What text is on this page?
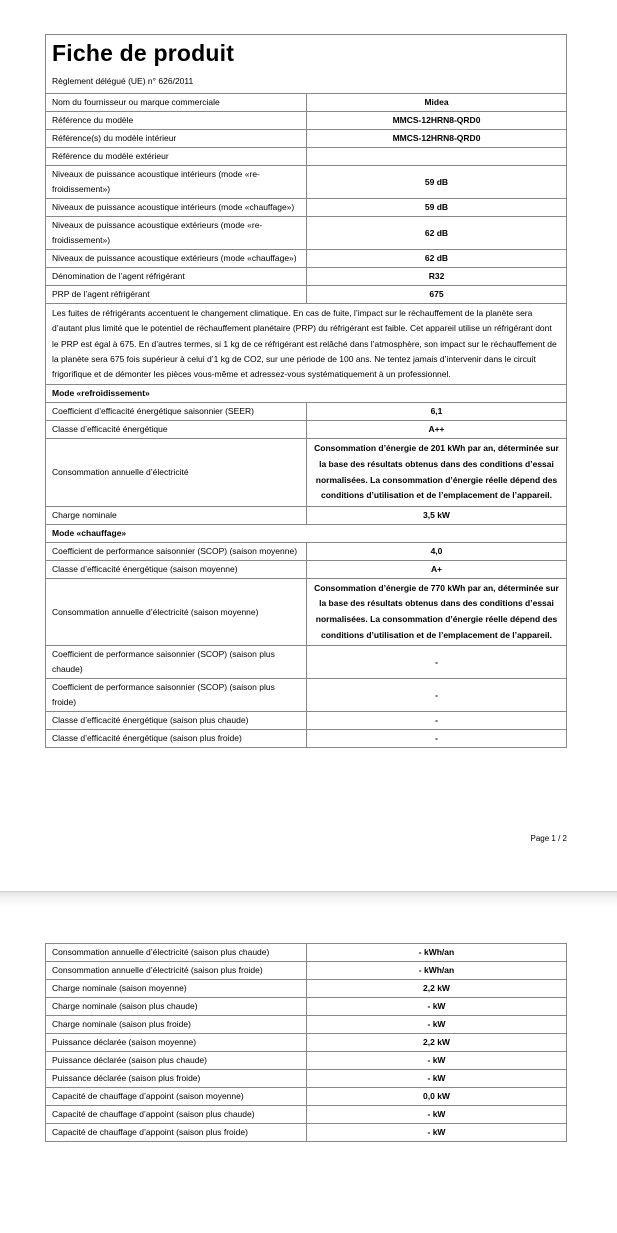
Fiche de produit
Règlement délégué (UE) n° 626/2011
Nom du fournisseur ou marque commerciale	Midea
Référence du modèle	MMCS-12HRN8-QRD0
Référence(s) du modèle intérieur	MMCS-12HRN8-QRD0
Référence du modèle extérieur	
Niveaux de puissance acoustique intérieurs (mode «re-froidissement»)	59 dB
Niveaux de puissance acoustique intérieurs (mode «chauffage»)	59 dB
Niveaux de puissance acoustique extérieurs (mode «re-froidissement»)	62 dB
Niveaux de puissance acoustique extérieurs (mode «chauffage»)	62 dB
Dénomination de l’agent réfrigérant	R32
PRP de l’agent réfrigérant	675
Les fuites de réfrigérants accentuent le changement climatique. En cas de fuite, l’impact sur le réchauffement de la planète sera d’autant plus limité que le potentiel de réchauffement planétaire (PRP) du réfrigérant est faible. Cet appareil utilise un réfrigérant dont le PRP est égal à 675. En d’autres termes, si 1 kg de ce réfrigérant est relâché dans l’atmosphère, son impact sur le réchauffement de la planète sera 675 fois supérieur à celui d’1 kg de CO2, sur une période de 100 ans. Ne tentez jamais d’intervenir dans le circuit frigorifique et de démonter les pièces vous-même et adressez-vous systématiquement à un professionnel.	
Mode «refroidissement»	
Coefficient d’efficacité énergétique saisonnier (SEER)	6,1
Classe d’efficacité énergétique	A++
Consommation annuelle d’électricité	Consommation d’énergie de 201 kWh par an, déterminée sur la base des résultats obtenus dans des conditions d’essai normalisées. La consommation d’énergie réelle dépend des conditions d’utilisation et de l’emplacement de l’appareil.
Charge nominale	3,5 kW
Mode «chauffage»	
Coefficient de performance saisonnier (SCOP) (saison moyenne)	4,0
Classe d’efficacité énergétique (saison moyenne)	A+
Consommation annuelle d’électricité (saison moyenne)	Consommation d’énergie de 770 kWh par an, déterminée sur la base des résultats obtenus dans des conditions d’essai normalisées. La consommation d’énergie réelle dépend des conditions d’utilisation et de l’emplacement de l’appareil.
Coefficient de performance saisonnier (SCOP) (saison plus chaude)	-
Coefficient de performance saisonnier (SCOP) (saison plus froide)	-
Classe d’efficacité énergétique (saison plus chaude)	-
Classe d’efficacité énergétique (saison plus froide)	-
Page 1 / 2
Consommation annuelle d’électricité (saison plus chaude)	- kWh/an
Consommation annuelle d’électricité (saison plus froide)	- kWh/an
Charge nominale (saison moyenne)	2,2 kW
Charge nominale (saison plus chaude)	- kW
Charge nominale (saison plus froide)	- kW
Puissance déclarée (saison moyenne)	2,2 kW
Puissance déclarée (saison plus chaude)	- kW
Puissance déclarée (saison plus froide)	- kW
Capacité de chauffage d’appoint (saison moyenne)	0,0 kW
Capacité de chauffage d’appoint (saison plus chaude)	- kW
Capacité de chauffage d’appoint (saison plus froide)	- kW
